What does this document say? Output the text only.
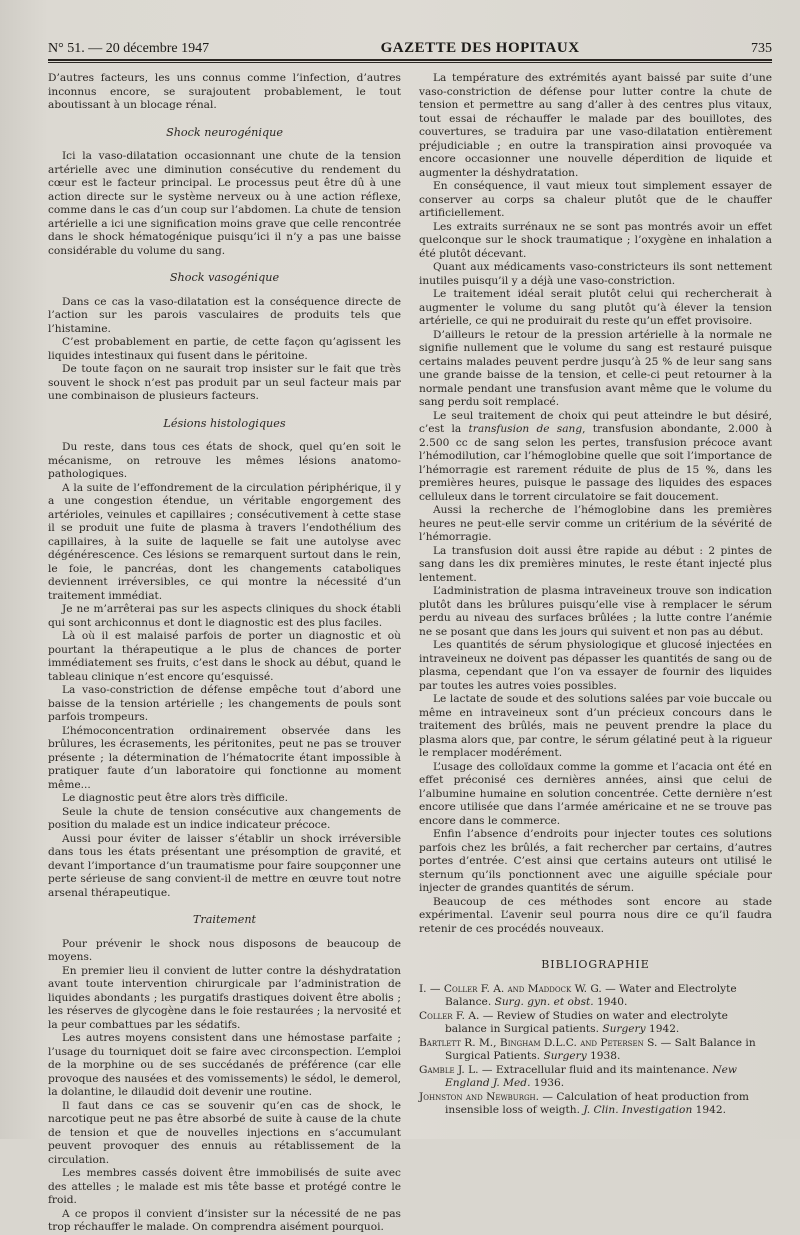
N° 51. — 20 décembre 1947	GAZETTE DES HOPITAUX	735

D’autres facteurs, les uns connus comme l’infection, d’autres inconnus encore, se surajoutent probablement, le tout aboutissant à un blocage rénal.

Shock neurogénique

Ici la vaso-dilatation occasionnant une chute de la tension artérielle avec une diminution consécutive du rendement du cœur est le facteur principal. Le processus peut être dû à une action directe sur le système nerveux ou à une action réflexe, comme dans le cas d’un coup sur l’abdomen. La chute de tension artérielle a ici une signification moins grave que celle rencontrée dans le shock hématogénique puisqu’ici il n’y a pas une baisse considérable du volume du sang.

Shock vasogénique

Dans ce cas la vaso-dilatation est la conséquence directe de l’action sur les parois vasculaires de produits tels que l’histamine.

C’est probablement en partie, de cette façon qu’agissent les liquides intestinaux qui fusent dans le péritoine.

De toute façon on ne saurait trop insister sur le fait que très souvent le shock n’est pas produit par un seul facteur mais par une combinaison de plusieurs facteurs.

Lésions histologiques

Du reste, dans tous ces états de shock, quel qu’en soit le mécanisme, on retrouve les mêmes lésions anatomo-pathologiques.

A la suite de l’effondrement de la circulation périphérique, il y a une congestion étendue, un véritable engorgement des artérioles, veinules et capillaires ; consécutivement à cette stase il se produit une fuite de plasma à travers l’endothélium des capillaires, à la suite de laquelle se fait une autolyse avec dégénérescence. Ces lésions se remarquent surtout dans le rein, le foie, le pancréas, dont les changements cataboliques deviennent irréversibles, ce qui montre la nécessité d’un traitement immédiat.

Je ne m’arrêterai pas sur les aspects cliniques du shock établi qui sont archiconnus et dont le diagnostic est des plus faciles.

Là où il est malaisé parfois de porter un diagnostic et où pourtant la thérapeutique a le plus de chances de porter immédiatement ses fruits, c’est dans le shock au début, quand le tableau clinique n’est encore qu’esquissé.

La vaso-constriction de défense empêche tout d’abord une baisse de la tension artérielle ; les changements de pouls sont parfois trompeurs.

L’hémoconcentration ordinairement observée dans les brûlures, les écrasements, les péritonites, peut ne pas se trouver présente ; la détermination de l’hématocrite étant impossible à pratiquer faute d’un laboratoire qui fonctionne au moment même...

Le diagnostic peut être alors très difficile.

Seule la chute de tension consécutive aux changements de position du malade est un indice indicateur précoce.

Aussi pour éviter de laisser s’établir un shock irréversible dans tous les états présentant une présomption de gravité, et devant l’importance d’un traumatisme pour faire soupçonner une perte sérieuse de sang convient-il de mettre en œuvre tout notre arsenal thérapeutique.

Traitement

Pour prévenir le shock nous disposons de beaucoup de moyens.

En premier lieu il convient de lutter contre la déshydratation avant toute intervention chirurgicale par l’administration de liquides abondants ; les purgatifs drastiques doivent être abolis ; les réserves de glycogène dans le foie restaurées ; la nervosité et la peur combattues par les sédatifs.

Les autres moyens consistent dans une hémostase parfaite ; l’usage du tourniquet doit se faire avec circonspection. L’emploi de la morphine ou de ses succédanés de préférence (car elle provoque des nausées et des vomissements) le sédol, le demerol, la dolantine, le dilaudid doit devenir une routine.

Il faut dans ce cas se souvenir qu’en cas de shock, le narcotique peut ne pas être absorbé de suite à cause de la chute de tension et que de nouvelles injections en s’accumulant peuvent provoquer des ennuis au rétablissement de la circulation.

Les membres cassés doivent être immobilisés de suite avec des attelles ; le malade est mis tête basse et protégé contre le froid.

A ce propos il convient d’insister sur la nécessité de ne pas trop réchauffer le malade. On comprendra aisément pourquoi.

La température des extrémités ayant baissé par suite d’une vaso-constriction de défense pour lutter contre la chute de tension et permettre au sang d’aller à des centres plus vitaux, tout essai de réchauffer le malade par des bouillotes, des couvertures, se traduira par une vaso-dilatation entièrement préjudiciable ; en outre la transpiration ainsi provoquée va encore occasionner une nouvelle déperdition de liquide et augmenter la déshydratation.

En conséquence, il vaut mieux tout simplement essayer de conserver au corps sa chaleur plutôt que de le chauffer artificiellement.

Les extraits surrénaux ne se sont pas montrés avoir un effet quelconque sur le shock traumatique ; l’oxygène en inhalation a été plutôt décevant.

Quant aux médicaments vaso-constricteurs ils sont nettement inutiles puisqu’il y a déjà une vaso-constriction.

Le traitement idéal serait plutôt celui qui rechercherait à augmenter le volume du sang plutôt qu’à élever la tension artérielle, ce qui ne produirait du reste qu’un effet provisoire.

D’ailleurs le retour de la pression artérielle à la normale ne signifie nullement que le volume du sang est restauré puisque certains malades peuvent perdre jusqu’à 25 % de leur sang sans une grande baisse de la tension, et celle-ci peut retourner à la normale pendant une transfusion avant même que le volume du sang perdu soit remplacé.

Le seul traitement de choix qui peut atteindre le but désiré, c’est la transfusion de sang, transfusion abondante, 2.000 à 2.500 cc de sang selon les pertes, transfusion précoce avant l’hémodilution, car l’hémoglobine quelle que soit l’importance de l’hémorragie est rarement réduite de plus de 15 %, dans les premières heures, puisque le passage des liquides des espaces celluleux dans le torrent circulatoire se fait doucement.

Aussi la recherche de l’hémoglobine dans les premières heures ne peut-elle servir comme un critérium de la sévérité de l’hémorragie.

La transfusion doit aussi être rapide au début : 2 pintes de sang dans les dix premières minutes, le reste étant injecté plus lentement.

L’administration de plasma intraveineux trouve son indication plutôt dans les brûlures puisqu’elle vise à remplacer le sérum perdu au niveau des surfaces brûlées ; la lutte contre l’anémie ne se posant que dans les jours qui suivent et non pas au début.

Les quantités de sérum physiologique et glucosé injectées en intraveineux ne doivent pas dépasser les quantités de sang ou de plasma, cependant que l’on va essayer de fournir des liquides par toutes les autres voies possibles.

Le lactate de soude et des solutions salées par voie buccale ou même en intraveineux sont d’un précieux concours dans le traitement des brûlés, mais ne peuvent prendre la place du plasma alors que, par contre, le sérum gélatiné peut à la rigueur le remplacer modérément.

L’usage des colloïdaux comme la gomme et l’acacia ont été en effet préconisé ces dernières années, ainsi que celui de l’albumine humaine en solution concentrée. Cette dernière n’est encore utilisée que dans l’armée américaine et ne se trouve pas encore dans le commerce.

Enfin l’absence d’endroits pour injecter toutes ces solutions parfois chez les brûlés, a fait rechercher par certains, d’autres portes d’entrée. C’est ainsi que certains auteurs ont utilisé le sternum qu’ils ponctionnent avec une aiguille spéciale pour injecter de grandes quantités de sérum.

Beaucoup de ces méthodes sont encore au stade expérimental. L’avenir seul pourra nous dire ce qu’il faudra retenir de ces procédés nouveaux.

BIBLIOGRAPHIE
I. — Coller F. A. and Maddock W. G. — Water and Electrolyte Balance. Surg. gyn. et obst. 1940.
Coller F. A. — Review of Studies on water and electrolyte balance in Surgical patients. Surgery 1942.
Bartlett R. M., Bingham D.L.C. and Petersen S. — Salt Balance in Surgical Patients. Surgery 1938.
Gamble J. L. — Extracellular fluid and its maintenance. New England J. Med. 1936.
Johnston and Newburgh. — Calculation of heat production from insensible loss of weigth. J. Clin. Investigation 1942.
